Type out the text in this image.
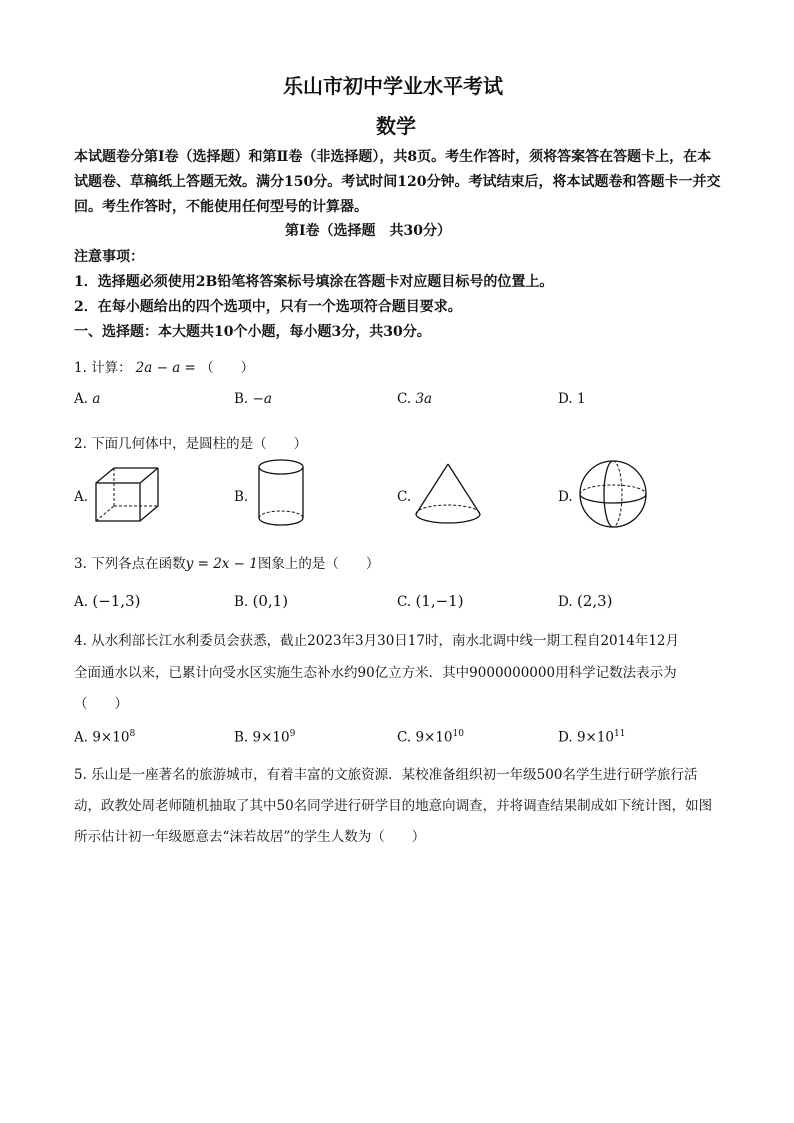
乐山市初中学业水平考试
数学
本试题卷分第Ⅰ卷（选择题）和第Ⅱ卷（非选择题），共8页。考生作答时，须将答案答在答题卡上，在本试题卷、草稿纸上答题无效。满分150分。考试时间120分钟。考试结束后，将本试题卷和答题卡一并交回。考生作答时，不能使用任何型号的计算器。
第Ⅰ卷（选择题　共30分）
注意事项：
1．选择题必须使用2B铅笔将答案标号填涂在答题卡对应题目标号的位置上。
2．在每小题给出的四个选项中，只有一个选项符合题目要求。
一、选择题：本大题共10个小题，每小题3分，共30分。
1. 计算： 2a − a = （　　）
A. a	B. −a	C. 3a	D. 1
2. 下面几何体中，是圆柱的是（　　）
A.	B.	C.	D.
3. 下列各点在函数y = 2x − 1图象上的是（　　）
A. (−1,3)	B. (0,1)	C. (1,−1)	D. (2,3)
4. 从水利部长江水利委员会获悉，截止2023年3月30日17时，南水北调中线一期工程自2014年12月
全面通水以来，已累计向受水区实施生态补水约90亿立方米．其中9000000000用科学记数法表示为
（　　）
A. $9\times 10^8$	B. $9\times 10^9$	C. $9\times 10^{10}$	D. $9\times 10^{11}$
5. 乐山是一座著名的旅游城市，有着丰富的文旅资源．某校准备组织初一年级500名学生进行研学旅行活动，政教处周老师随机抽取了其中50名同学进行研学目的地意向调查，并将调查结果制成如下统计图，如图所示估计初一年级愿意去“沫若故居”的学生人数为（　　）
